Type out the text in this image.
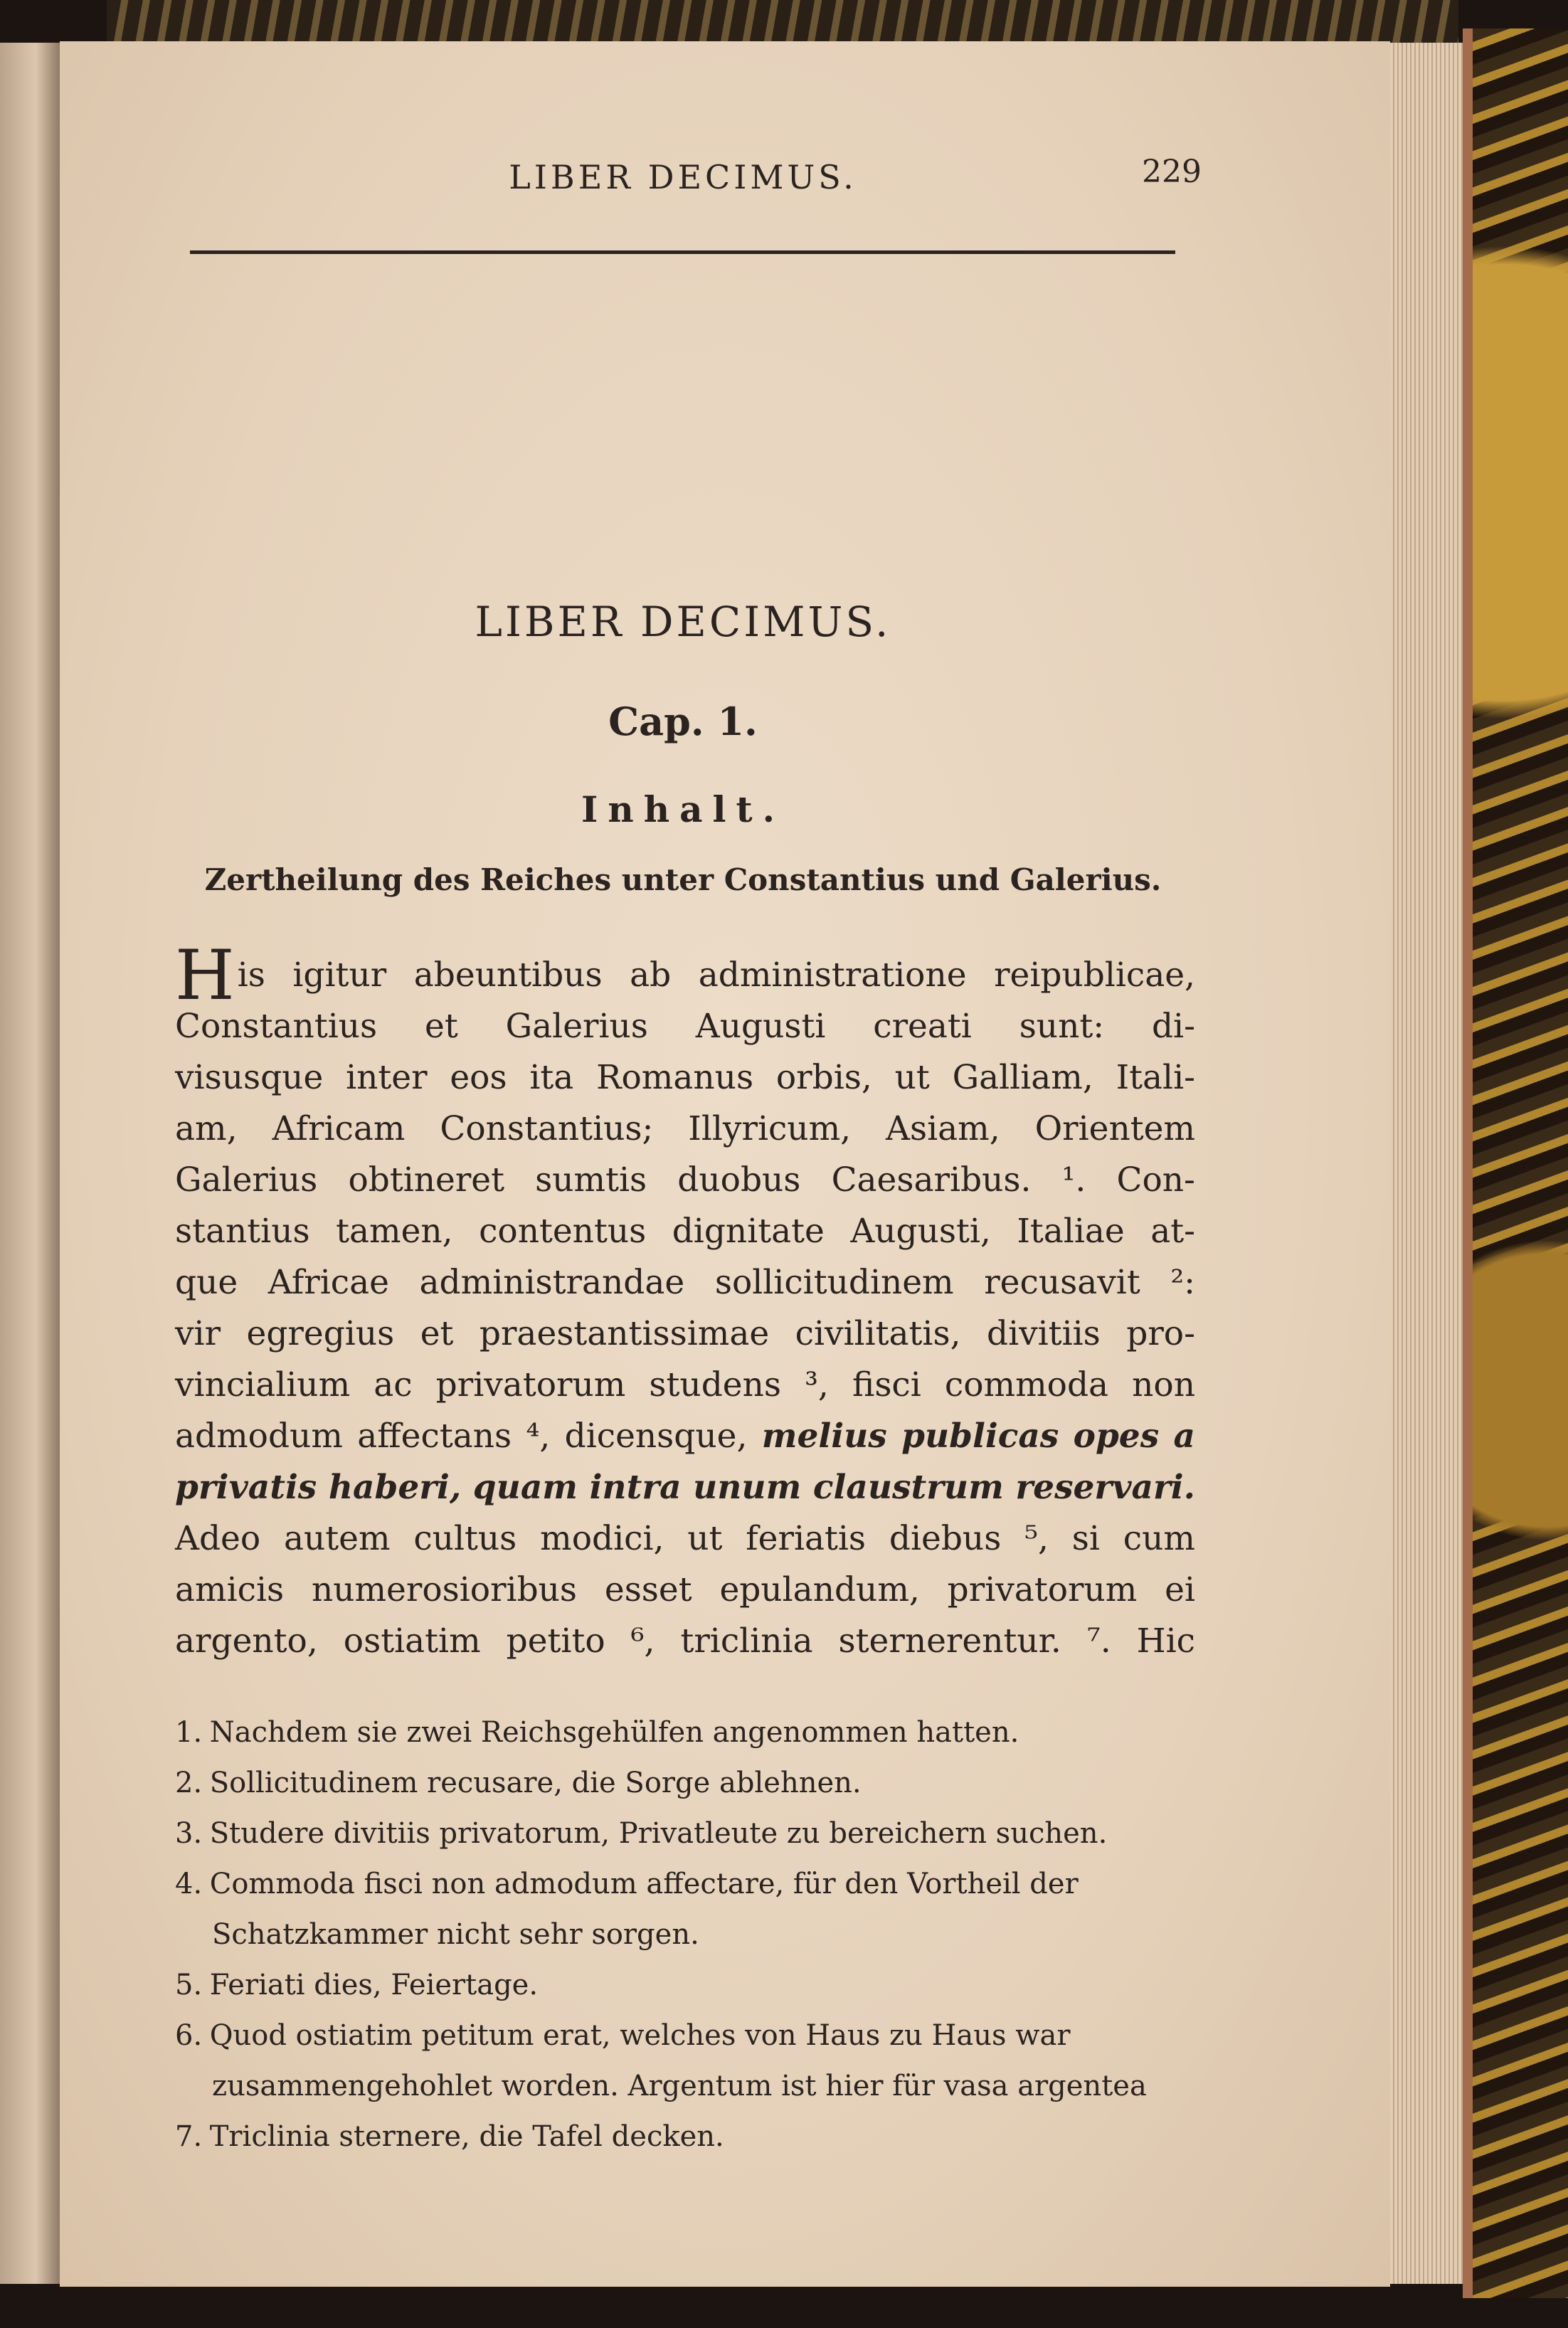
LIBER DECIMUS.	229
LIBER DECIMUS.
Cap. 1.
Inhalt.
Zertheilung des Reiches unter Constantius und Galerius.
H is igitur abeuntibus ab administratione reipublicae,
Constantius et Galerius Augusti creati sunt: di-
visusque inter eos ita Romanus orbis, ut Galliam, Itali-
am, Africam Constantius; Illyricum, Asiam, Orientem
Galerius obtineret sumtis duobus Caesaribus. ¹. Con-
stantius tamen, contentus dignitate Augusti, Italiae at-
que Africae administrandae sollicitudinem recusavit ²:
vir egregius et praestantissimae civilitatis, divitiis pro-
vincialium ac privatorum studens ³, fisci commoda non
admodum affectans ⁴, dicensque, melius publicas opes a
privatis haberi, quam intra unum claustrum reservari.
Adeo autem cultus modici, ut feriatis diebus ⁵, si cum
amicis numerosioribus esset epulandum, privatorum ei
argento, ostiatim petito ⁶, triclinia sternerentur. ⁷. Hic
1. Nachdem sie zwei Reichsgehülfen angenommen hatten.
2. Sollicitudinem recusare, die Sorge ablehnen.
3. Studere divitiis privatorum, Privatleute zu bereichern suchen.
4. Commoda fisci non admodum affectare, für den Vortheil der
Schatzkammer nicht sehr sorgen.
5. Feriati dies, Feiertage.
6. Quod ostiatim petitum erat, welches von Haus zu Haus war
zusammengehohlet worden. Argentum ist hier für vasa argentea
7. Triclinia sternere, die Tafel decken.
